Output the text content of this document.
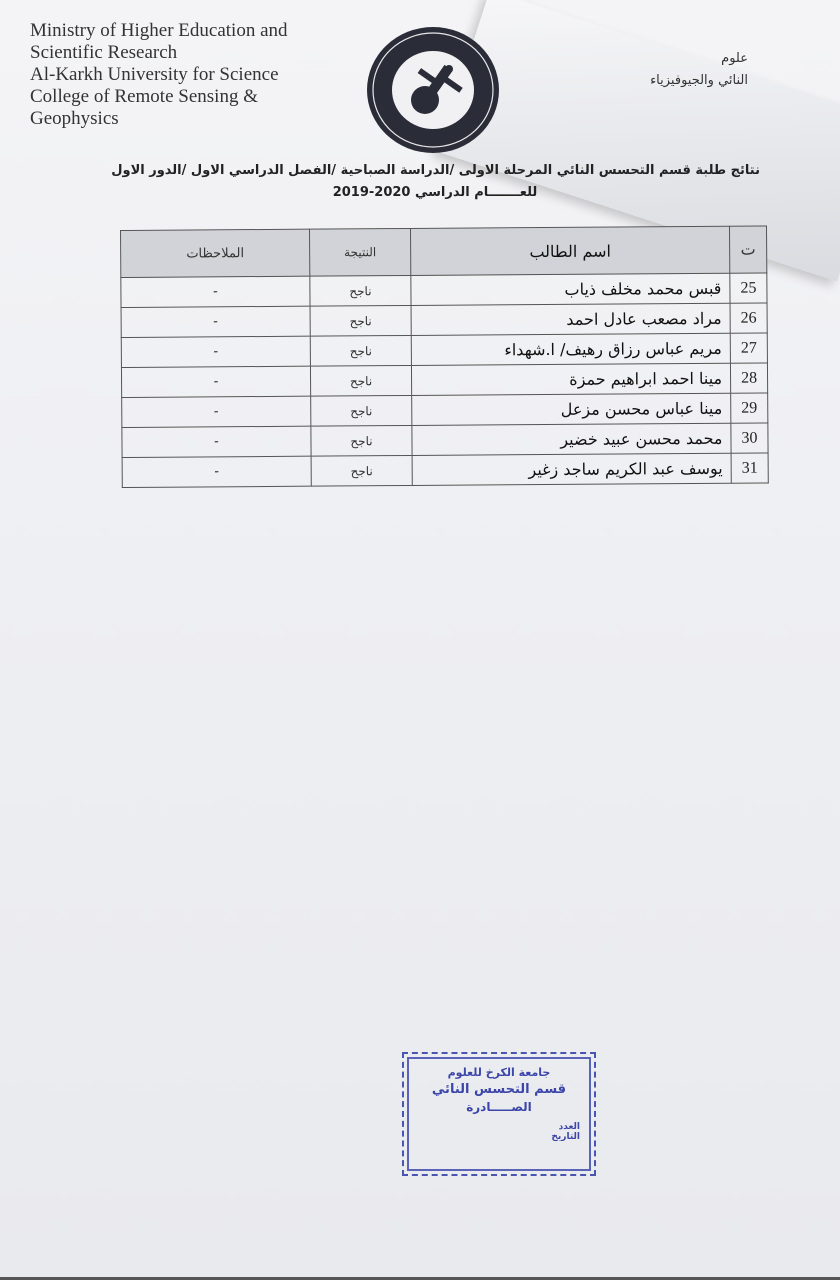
Ministry of Higher Education and
Scientific Research
Al-Karkh University for Science
College of Remote Sensing &
Geophysics
علوم
النائي والجيوفيزياء
نتائج طلبة قسم التحسس النائي المرحلة الاولى /الدراسة الصباحية /الفصل الدراسي الاول /الدور الاول
للعـــــــام الدراسي 2020-2019
ت	اسم الطالب	النتيجة	الملاحظات
25	قبس محمد مخلف ذياب	ناجح	-
26	مراد مصعب عادل احمد	ناجح	-
27	مريم عباس رزاق رهيف/ ا.شهداء	ناجح	-
28	مينا احمد ابراهيم حمزة	ناجح	-
29	مينا عباس محسن مزعل	ناجح	-
30	محمد محسن عبيد خضير	ناجح	-
31	يوسف عبد الكريم ساجد زغير	ناجح	-
جامعة الكرخ للعلوم
قسم التحسس النائي
الصـــــادرة
العدد
التاريخ
